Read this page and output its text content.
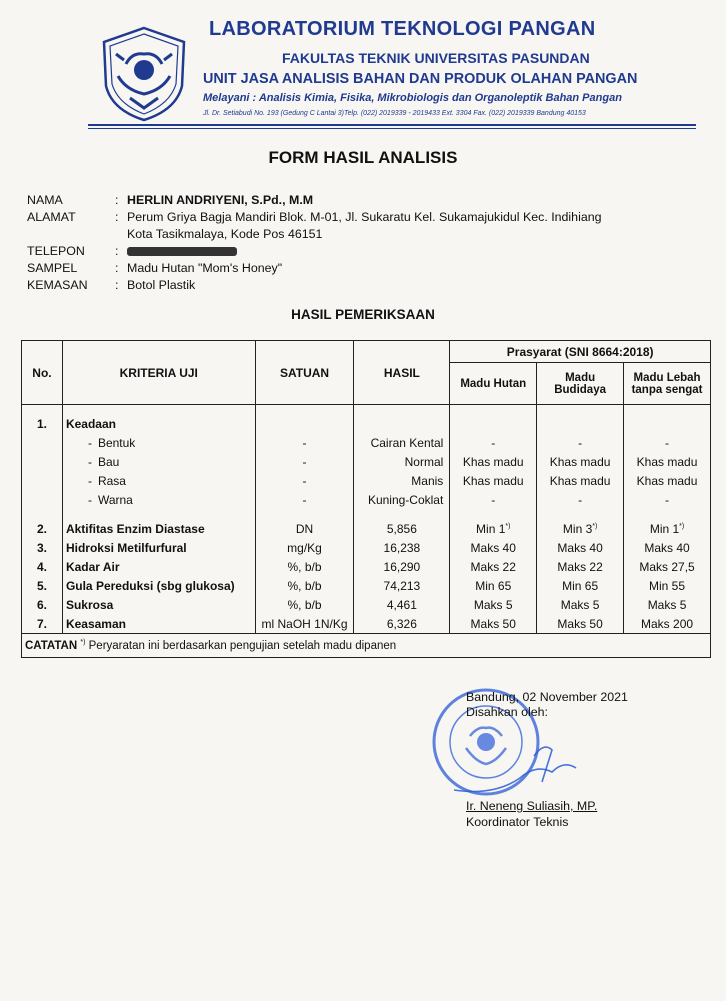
LABORATORIUM TEKNOLOGI PANGAN
FAKULTAS TEKNIK UNIVERSITAS PASUNDAN
UNIT JASA ANALISIS BAHAN DAN PRODUK OLAHAN PANGAN
Melayani : Analisis Kimia, Fisika, Mikrobiologis dan Organoleptik Bahan Pangan
Jl. Dr. Setiabudi No. 193 (Gedung C Lantai 3)Telp. (022) 2019339 - 2019433 Ext. 3304 Fax. (022) 2019339 Bandung 40153
FORM HASIL ANALISIS
NAMA	: HERLIN ANDRIYENI, S.Pd., M.M
ALAMAT	: Perum Griya Bagja Mandiri Blok. M-01, Jl. Sukaratu Kel. Sukamajukidul Kec. Indihiang
Kota Tasikmalaya, Kode Pos 46151
TELEPON	:
SAMPEL	: Madu Hutan "Mom's Honey"
KEMASAN	: Botol Plastik
HASIL PEMERIKSAAN
No.	KRITERIA UJI	SATUAN	HASIL	Prasyarat (SNI 8664:2018)		
				Madu Hutan	Madu Budidaya	Madu Lebah tanpa sengat

1.	Keadaan					
	- Bentuk	-	Cairan Kental	-	-	-
	- Bau	-	Normal	Khas madu	Khas madu	Khas madu
	- Rasa	-	Manis	Khas madu	Khas madu	Khas madu
	- Warna	-	Kuning-Coklat	-	-	-

2.	Aktifitas Enzim Diastase	DN	5,856	Min 1*)	Min 3*)	Min 1*)
3.	Hidroksi Metilfurfural	mg/Kg	16,238	Maks 40	Maks 40	Maks 40
4.	Kadar Air	%, b/b	16,290	Maks 22	Maks 22	Maks 27,5
5.	Gula Pereduksi (sbg glukosa)	%, b/b	74,213	Min 65	Min 65	Min 55
6.	Sukrosa	%, b/b	4,461	Maks 5	Maks 5	Maks 5
7.	Keasaman	ml NaOH 1N/Kg	6,326	Maks 50	Maks 50	Maks 200
CATATAN *) Peryaratan ini berdasarkan pengujian setelah madu dipanen						
Bandung, 02 November 2021
Disahkan oleh:
Ir. Neneng Suliasih, MP.
Koordinator Teknis
